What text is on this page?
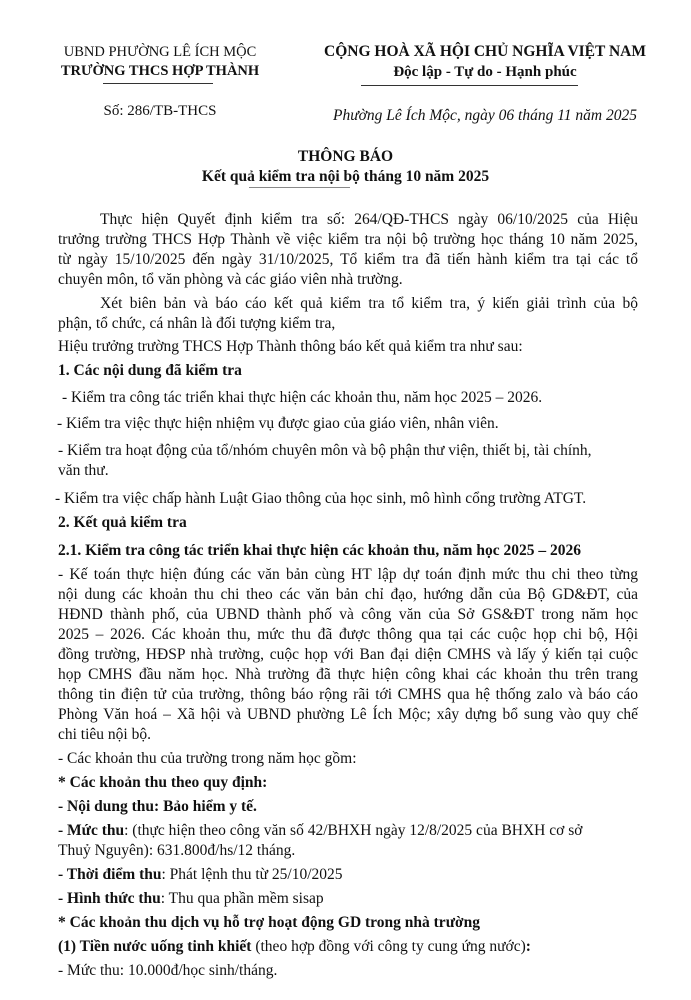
UBND PHƯỜNG LÊ ÍCH MỘC
TRƯỜNG THCS HỢP THÀNH
Số: 286/TB-THCS
CỘNG HOÀ XÃ HỘI CHỦ NGHĨA VIỆT NAM
Độc lập - Tự do - Hạnh phúc
Phường Lê Ích Mộc, ngày 06 tháng 11 năm 2025
THÔNG BÁO
Kết quả kiểm tra nội bộ tháng 10 năm 2025
Thực hiện Quyết định kiểm tra số: 264/QĐ-THCS ngày 06/10/2025 của Hiệu
trưởng trường THCS Hợp Thành về việc kiểm tra nội bộ trường học tháng 10 năm 2025,
từ ngày 15/10/2025 đến ngày 31/10/2025, Tổ kiểm tra đã tiến hành kiểm tra tại các tổ
chuyên môn, tổ văn phòng và các giáo viên nhà trường.
Xét biên bản và báo cáo kết quả kiểm tra tổ kiểm tra, ý kiến giải trình của bộ
phận, tổ chức, cá nhân là đối tượng kiểm tra,
Hiệu trưởng trường THCS Hợp Thành thông báo kết quả kiểm tra như sau:
1. Các nội dung đã kiểm tra
- Kiểm tra công tác triển khai thực hiện các khoản thu, năm học 2025 – 2026.
- Kiểm tra việc thực hiện nhiệm vụ được giao của giáo viên, nhân viên.
- Kiểm tra hoạt động của tổ/nhóm chuyên môn và bộ phận thư viện, thiết bị, tài chính,
văn thư.
- Kiểm tra việc chấp hành Luật Giao thông của học sinh, mô hình cổng trường ATGT.
2. Kết quả kiểm tra
2.1. Kiểm tra công tác triển khai thực hiện các khoản thu, năm học 2025 – 2026
- Kế toán thực hiện đúng các văn bản cùng HT lập dự toán định mức thu chi theo từng
nội dung các khoản thu chi theo các văn bản chỉ đạo, hướng dẫn của Bộ GD&ĐT, của
HĐND thành phố, của UBND thành phố và công văn của Sở GS&ĐT trong năm học
2025 – 2026. Các khoản thu, mức thu đã được thông qua tại các cuộc họp chi bộ, Hội
đồng trường, HĐSP nhà trường, cuộc họp với Ban đại diện CMHS và lấy ý kiến tại cuộc
họp CMHS đầu năm học. Nhà trường đã thực hiện công khai các khoản thu trên trang
thông tin điện tử của trường, thông báo rộng rãi tới CMHS qua hệ thống zalo và báo cáo
Phòng Văn hoá – Xã hội và UBND phường Lê Ích Mộc; xây dựng bổ sung vào quy chế
chi tiêu nội bộ.
- Các khoản thu của trường trong năm học gồm:
* Các khoản thu theo quy định:
- Nội dung thu: Bảo hiểm y tế.
- Mức thu: (thực hiện theo công văn số 42/BHXH ngày 12/8/2025 của BHXH cơ sở
Thuỷ Nguyên): 631.800đ/hs/12 tháng.
- Thời điểm thu: Phát lệnh thu từ 25/10/2025
- Hình thức thu: Thu qua phần mềm sisap
* Các khoản thu dịch vụ hỗ trợ hoạt động GD trong nhà trường
(1) Tiền nước uống tinh khiết (theo hợp đồng với công ty cung ứng nước):
- Mức thu: 10.000đ/học sinh/tháng.
